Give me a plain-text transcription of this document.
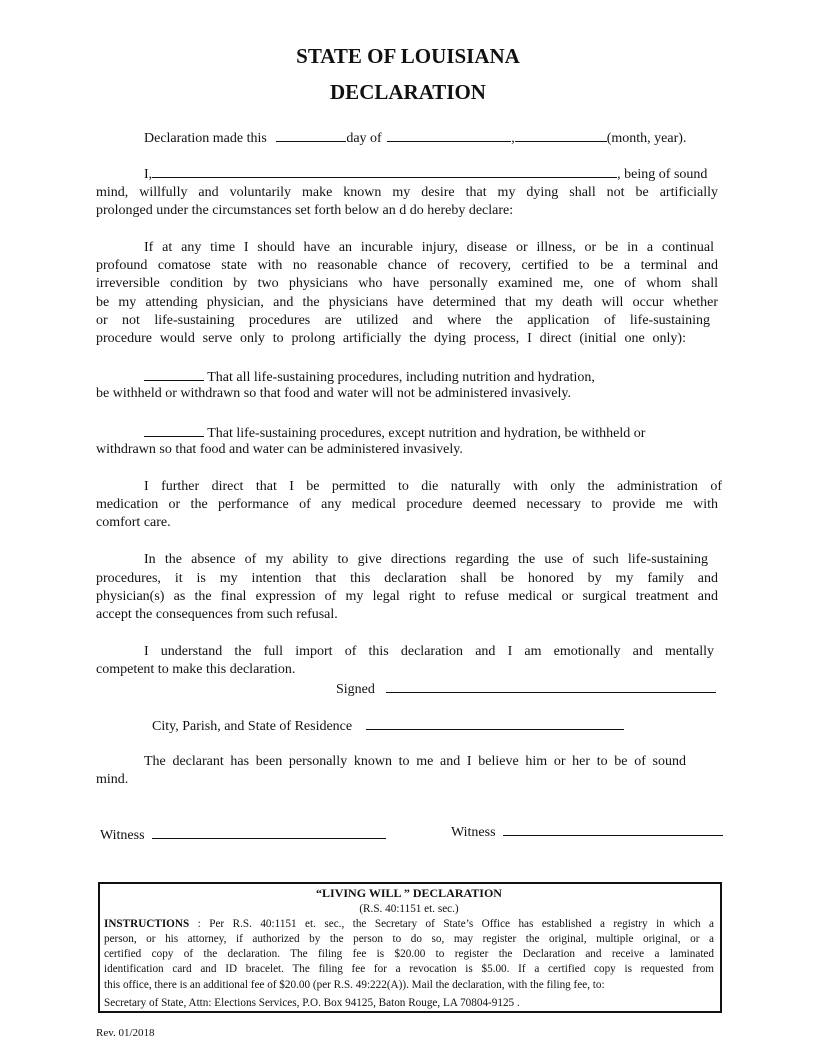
STATE OF LOUISIANA
DECLARATION
Declaration made this	day of	,	(month, year).
I,	, being of sound
mind, willfully and voluntarily make known my desire that my dying shall not be artificially
prolonged under the circumstances set forth below an d do hereby declare:
If at any time I should have an incurable injury, disease or illness, or be in a continual
profound comatose state with no reasonable chance of recovery, certified to be a terminal and
irreversible condition by two physicians who have personally examined me, one of whom shall
be my attending physician, and the physicians have determined that my death will occur whether
or not life-sustaining procedures are utilized and where the application of life-sustaining
procedure would serve only to prolong artificially the dying process, I direct (initial one only):
That all life-sustaining procedures, including nutrition and hydration,
be withheld or withdrawn so that food and water will not be administered invasively.
That life-sustaining procedures, except nutrition and hydration, be withheld or
withdrawn so that food and water can be administered invasively.
I further direct that I be permitted to die naturally with only the administration of
medication or the performance of any medical procedure deemed necessary to provide me with
comfort care.
In the absence of my ability to give directions regarding the use of such life-sustaining
procedures, it is my intention that this declaration shall be honored by my family and
physician(s) as the final expression of my legal right to refuse medical or surgical treatment and
accept the consequences from such refusal.
I understand the full import of this declaration and I am emotionally and mentally
competent to make this declaration.
Signed
City, Parish, and State of Residence
The declarant has been personally known to me and I believe him or her to be of sound
mind.
Witness	Witness
“LIVING WILL ” DECLARATION
(R.S. 40:1151 et. sec.)
INSTRUCTIONS : Per R.S. 40:1151 et. sec., the Secretary of State’s Office has established a registry in which a
person, or his attorney, if authorized by the person to do so, may register the original, multiple original, or a
certified copy of the declaration. The filing fee is $20.00 to register the Declaration and receive a laminated
identification card and ID bracelet. The filing fee for a revocation is $5.00. If a certified copy is requested from
this office, there is an additional fee of $20.00 (per R.S. 49:222(A)). Mail the declaration, with the filing fee, to:
Secretary of State, Attn: Elections Services, P.O. Box 94125, Baton Rouge, LA 70804-9125 .
Rev. 01/2018
